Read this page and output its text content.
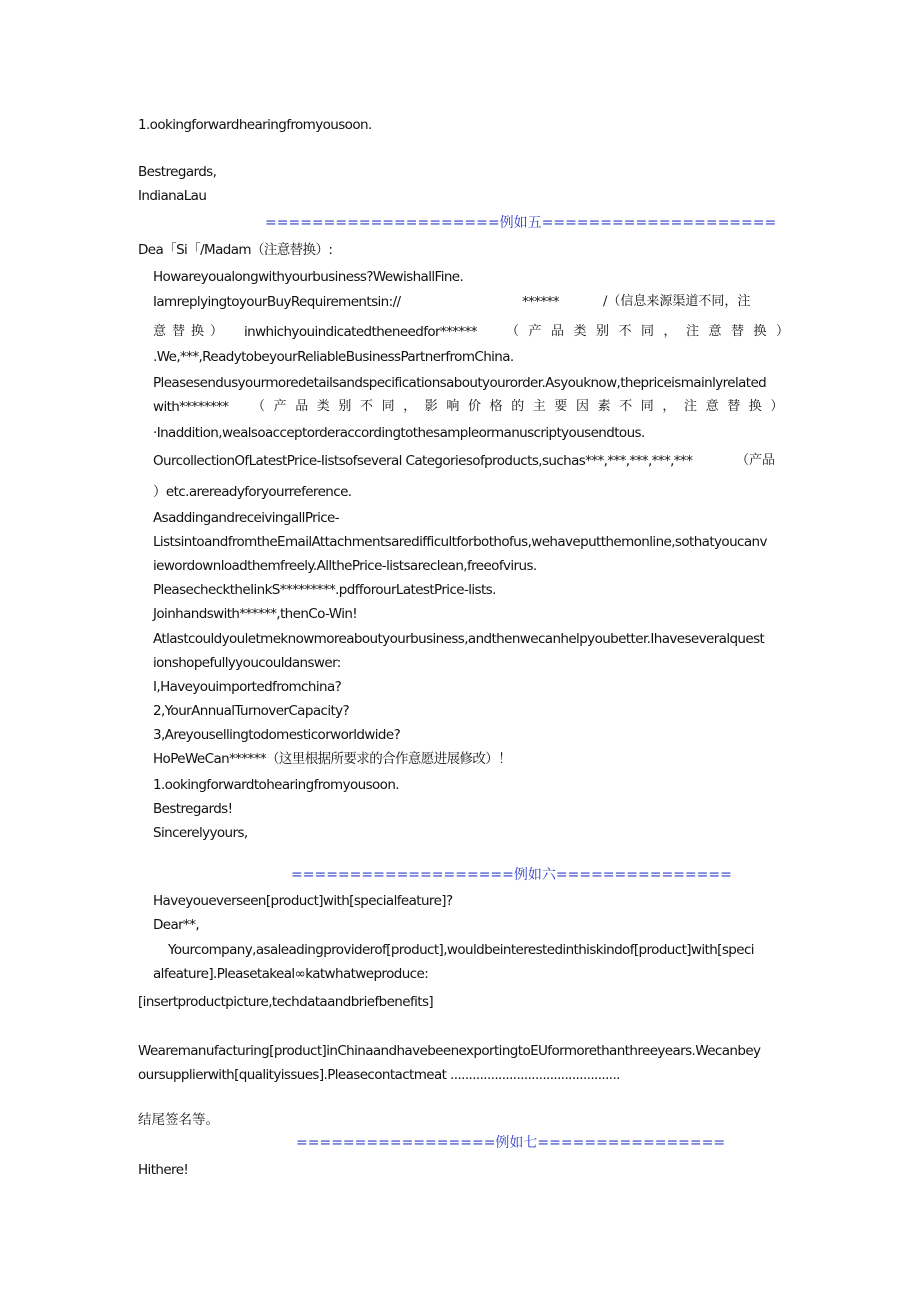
1.ookingforwardhearingfromyousoon.
Bestregards,
IndianaLau
====================例如五====================
Dea「Si「/Madam（注意替换）:
Howareyoualongwithyourbusiness?WewishallFine.
IamreplyingtoyourBuyRequirementsin://	******	/（信息来源渠道不同，注
意替换） inwhichyouindicatedtheneedfor****** （产品类别不同，注意替换）
.We,***,ReadytobeyourReliableBusinessPartnerfromChina.
Pleasesendusyourmoredetailsandspecificationsaboutyourorder.Asyouknow,thepriceismainlyrelated
with******** （产品类别不同，影响价格的主要因素不同，注意替换）
·Inaddition,wealsoacceptorderaccordingtothesampleormanuscriptyousendtous.
OurcollectionOfLatestPrice-Iistsofseveral Categoriesofproducts,suchas***,***,***,***,***	（产品
）etc.arereadyforyourreference.
AsaddingandreceivingallPrice-
ListsintoandfromtheEmailAttachmentsaredifficultforbothofus,wehaveputthemonline,sothatyoucanv
iewordownloadthemfreely.AllthePrice-listsareclean,freeofvirus.
PleasechecktheIinkS*********.pdfforourLatestPrice-lists.
Joinhandswith******,thenCo-Win!
Atlastcouldyouletmeknowmoreaboutyourbusiness,andthenwecanhelpyoubetter.Ihaveseveralquest
ionshopefullyyoucouldanswer:
I,Haveyouimportedfromchina?
2,YourAnnualTurnoverCapacity?
3,Areyousellingtodomesticorworldwide?
HoPeWeCan******（这里根据所要求的合作意愿进展修改）！
1.ookingforwardtohearingfromyousoon.
Bestregards!
Sincerelyyours,
===================例如六===============
Haveyoueverseen[product]with[specialfeature]?
Dear**,
Yourcompany,asaleadingproviderof[product],wouldbeinterestedinthiskindof[product]with[speci
alfeature].Pleasetakeal∞katwhatweproduce:
[insertproductpicture,techdataandbriefbenefits]
Wearemanufacturing[product]inChinaandhavebeenexportingtoEUformorethanthreeyears.Wecanbey
oursupplierwith[qualityissues].Pleasecontactmeat ..............................................
结尾签名等。
=================例如七================
Hithere!
